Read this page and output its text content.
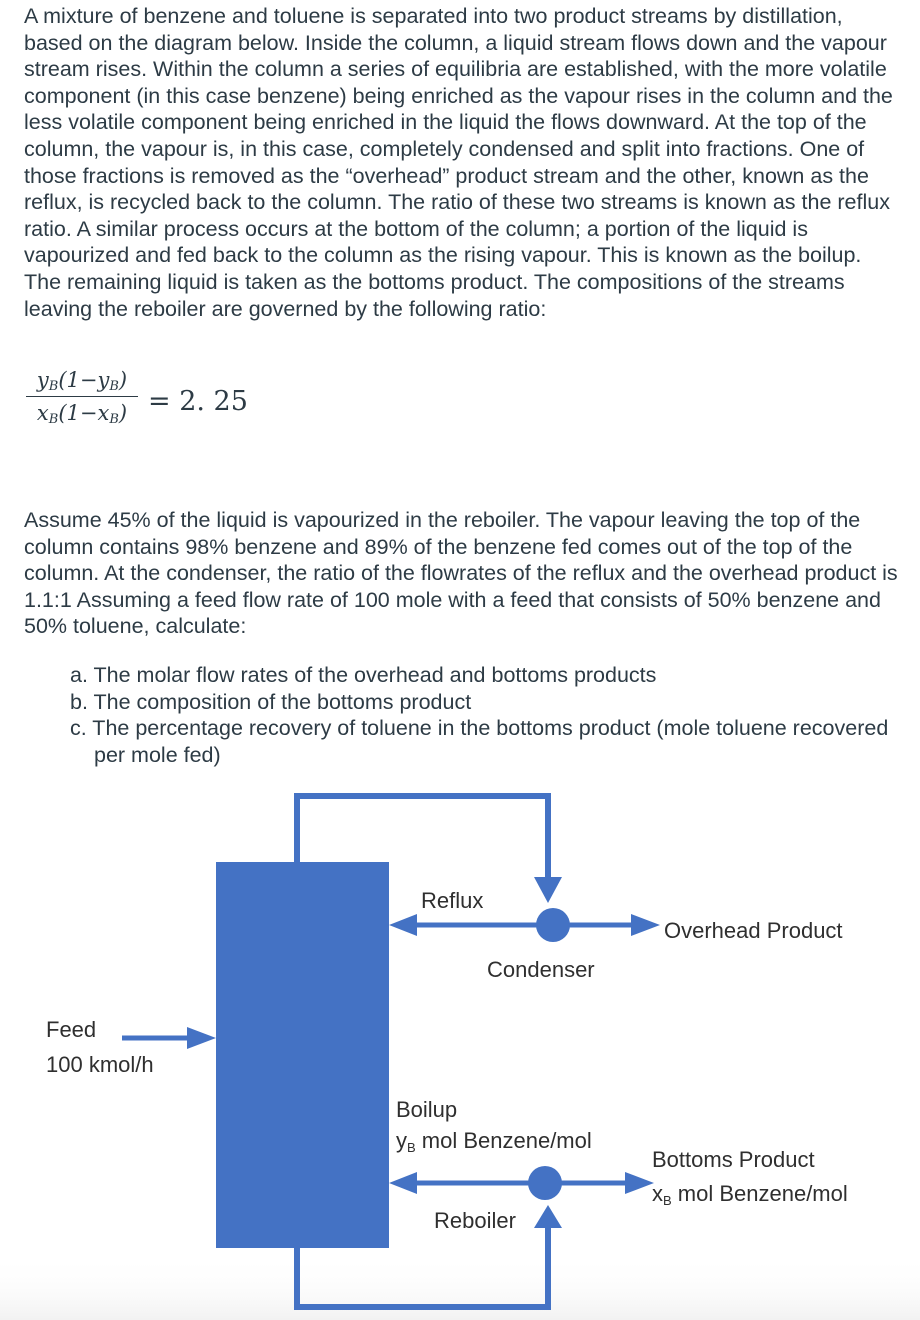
A mixture of benzene and toluene is separated into two product streams by distillation, based on the diagram below. Inside the column, a liquid stream flows down and the vapour stream rises. Within the column a series of equilibria are established, with the more volatile component (in this case benzene) being enriched as the vapour rises in the column and the less volatile component being enriched in the liquid the flows downward. At the top of the column, the vapour is, in this case, completely condensed and split into fractions. One of those fractions is removed as the “overhead” product stream and the other, known as the reflux, is recycled back to the column. The ratio of these two streams is known as the reflux ratio. A similar process occurs at the bottom of the column; a portion of the liquid is vapourized and fed back to the column as the rising vapour. This is known as the boilup. The remaining liquid is taken as the bottoms product. The compositions of the streams leaving the reboiler are governed by the following ratio:

$y_B(1-y_B)$
$x_B(1-x_B) = 2$. 25

Assume 45% of the liquid is vapourized in the reboiler. The vapour leaving the top of the column contains 98% benzene and 89% of the benzene fed comes out of the top of the column. At the condenser, the ratio of the flowrates of the reflux and the overhead product is 1.1:1 Assuming a feed flow rate of 100 mole with a feed that consists of 50% benzene and 50% toluene, calculate:

a. The molar flow rates of the overhead and bottoms products
b. The composition of the bottoms product
c. The percentage recovery of toluene in the bottoms product (mole toluene recovered per mole fed)
Reflux
Overhead Product
Condenser
Feed
100 kmol/h
Boilup
yB mol Benzene/mol
Reboiler
Bottoms Product
xB mol Benzene/mol
